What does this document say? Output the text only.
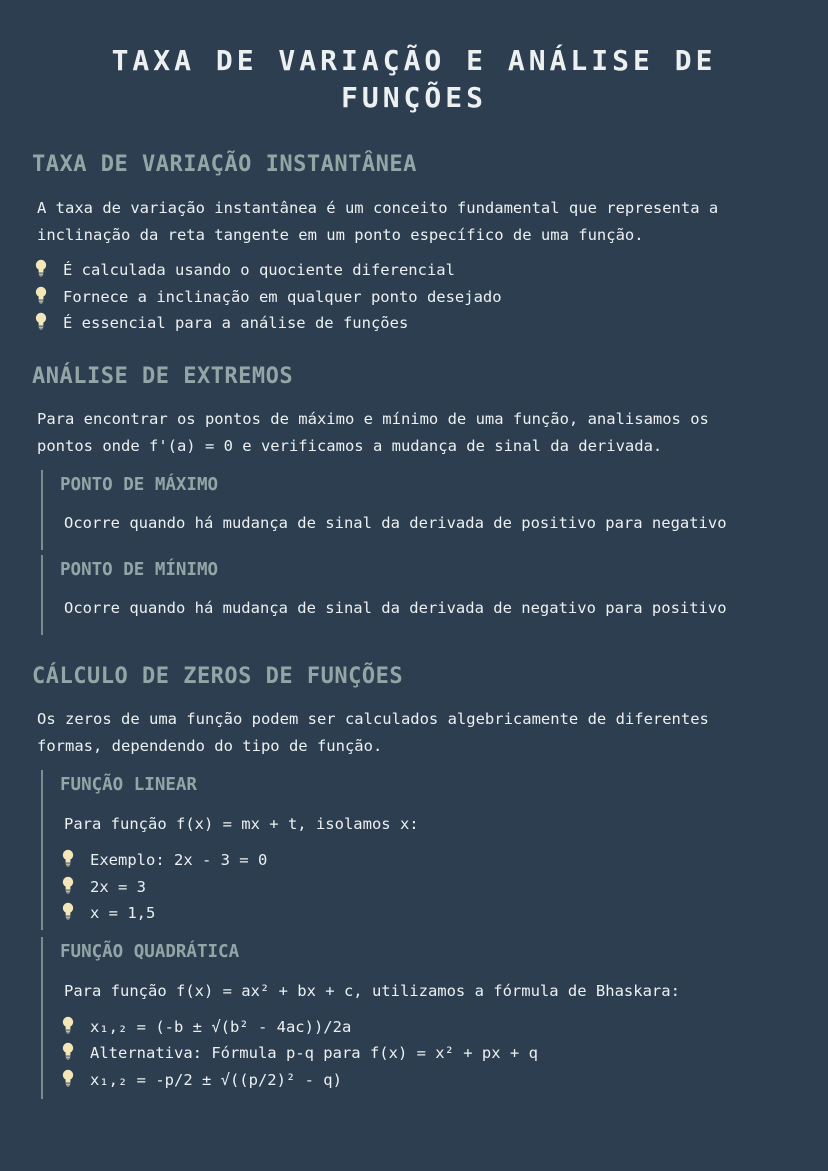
TAXA DE VARIAÇÃO E ANÁLISE DE FUNÇÕES
TAXA DE VARIAÇÃO INSTANTÂNEA
A taxa de variação instantânea é um conceito fundamental que representa a
inclinação da reta tangente em um ponto específico de uma função.
É calculada usando o quociente diferencial
Fornece a inclinação em qualquer ponto desejado
É essencial para a análise de funções
ANÁLISE DE EXTREMOS
Para encontrar os pontos de máximo e mínimo de uma função, analisamos os
pontos onde f'(a) = 0 e verificamos a mudança de sinal da derivada.
PONTO DE MÁXIMO
Ocorre quando há mudança de sinal da derivada de positivo para negativo
PONTO DE MÍNIMO
Ocorre quando há mudança de sinal da derivada de negativo para positivo
CÁLCULO DE ZEROS DE FUNÇÕES
Os zeros de uma função podem ser calculados algebricamente de diferentes
formas, dependendo do tipo de função.
FUNÇÃO LINEAR
Para função f(x) = mx + t, isolamos x:
Exemplo: 2x - 3 = 0
2x = 3
x = 1,5
FUNÇÃO QUADRÁTICA
Para função f(x) = ax² + bx + c, utilizamos a fórmula de Bhaskara:
x₁,₂ = (-b ± √(b² - 4ac))/2a
Alternativa: Fórmula p-q para f(x) = x² + px + q
x₁,₂ = -p/2 ± √((p/2)² - q)
